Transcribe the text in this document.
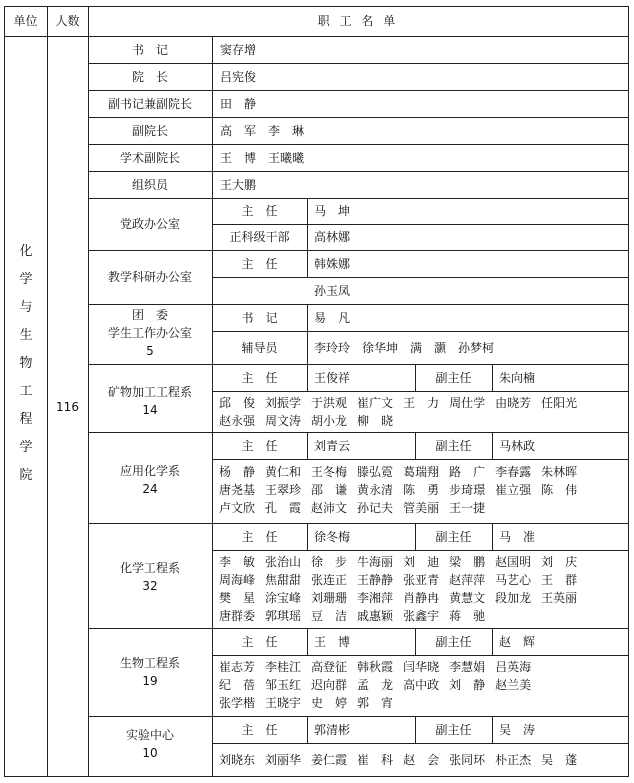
单位	人数	职 工 名 单
化
学
与
生
物
工
程
学
院
116
书　记	窦存增
院　长	吕宪俊
副书记兼副院长	田　静
副院长	高　军　李　琳
学术副院长	王　博　王曦曦
组织员	王大鹏
党政办公室
主　任	马　坤
正科级干部	高林娜
教学科研办公室
主　任	韩姝娜
孙玉凤
团　委
学生工作办公室
5
书　记	易　凡
辅导员	李玲玲　徐华坤　满　灏　孙梦柯
矿物加工工程系
14
主　任	王俊祥	副主任	朱向楠
邱　俊 刘振学 于洪观 崔广文 王　力 周仕学 由晓芳 任阳光
赵永强 周文涛 胡小龙 柳　晓
应用化学系
24
主　任	刘青云	副主任	马林政
杨　静 黄仁和 王冬梅 滕弘霓 葛瑞翔 路　广 李春露 朱林晖
唐尧基 王翠珍 邵　谦 黄永清 陈　勇 步琦璟 崔立强 陈　伟
卢文欣 孔　霞 赵沛文 孙记夫 管美丽 王一捷
化学工程系
32
主　任	徐冬梅	副主任	马　准
李　敏 张治山 徐　步 牛海丽 刘　迪 梁　鹏 赵国明 刘　庆
周海峰 焦甜甜 张连正 王静静 张亚青 赵萍萍 马艺心 王　群
樊　星 涂宝峰 刘珊珊 李湘萍 肖静冉 黄慧文 段加龙 王英丽
唐群委 郭琪瑶 豆　洁 戚惠颖 张鑫宇 蒋　驰
生物工程系
19
主　任	王　博	副主任	赵　辉
崔志芳 李桂江 高登征 韩秋霞 闫华晓 李慧娟 吕英海
纪　蓓 邹玉红 迟向群 孟　龙 高中政 刘　静 赵兰美
张学楷 王晓宇 史　婷 郭　宵
实验中心
10
主　任	郭清彬	副主任	吴　涛
刘晓东 刘丽华 姜仁霞 崔　科 赵　会 张同环 朴正杰 吴　蓬
